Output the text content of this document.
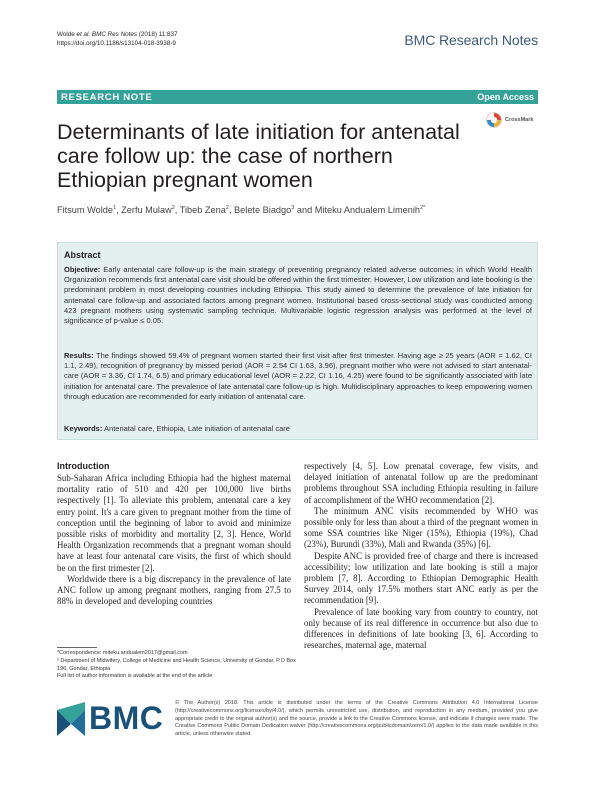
Wolde et al. BMC Res Notes (2018) 11:837
https://doi.org/10.1186/s13104-018-3938-9	BMC Research Notes
RESEARCH NOTE	Open Access
Determinants of late initiation for antenatal care follow up: the case of northern Ethiopian pregnant women
CrossMark
Fitsum Wolde$^1$, Zerfu Mulaw$^2$, Tibeb Zena$^2$, Belete Biadgo$^3$ and Miteku Andualem Limenih$^{2*}$
Abstract
Objective: Early antenatal care follow-up is the main strategy of preventing pregnancy related adverse outcomes; in which World Health Organization recommends first antenatal care visit should be offered within the first trimester. However, Low utilization and late booking is the predominant problem in most developing countries including Ethiopia. This study aimed to determine the prevalence of late initiation for antenatal care follow-up and associated factors among pregnant women. Institutional based cross-sectional study was conducted among 423 pregnant mothers using systematic sampling technique. Multivariable logistic regression analysis was performed at the level of significance of p-value ≤ 0.05.
Results: The findings showed 59.4% of pregnant women started their first visit after first trimester. Having age ≥ 25 years (AOR = 1.62, CI 1.1, 2.49), recognition of pregnancy by missed period (AOR = 2.54 CI 1.63, 3.96), pregnant mother who were not advised to start antenatal-care (AOR = 3.36, CI 1.74, 6.5) and primary educational level (AOR = 2.22, CI 1.16, 4.25) were found to be significantly associated with late initiation for antenatal care. The prevalence of late antenatal care follow-up is high. Multidisciplinary approaches to keep empowering women through education are recommended for early initiation of antenatal care.
Keywords: Antenatal care, Ethiopia, Late initiation of antenatal care
Introduction

Sub-Saharan Africa including Ethiopia had the highest maternal mortality ratio of 510 and 420 per 100,000 live births respectively [1]. To alleviate this problem, antenatal care a key entry point. It's a care given to pregnant mother from the time of conception until the beginning of labor to avoid and minimize possible risks of morbidity and mortality [2, 3]. Hence, World Health Organization recommends that a pregnant woman should have at least four antenatal care visits, the first of which should be on the first trimester [2].

Worldwide there is a big discrepancy in the prevalence of late ANC follow up among pregnant mothers, ranging from 27.5 to 88% in developed and developing countries

respectively [4, 5]. Low prenatal coverage, few visits, and delayed initiation of antenatal follow up are the predominant problems throughout SSA including Ethiopia resulting in failure of accomplishment of the WHO recommendation [2].

The minimum ANC visits recommended by WHO was possible only for less than about a third of the pregnant women in some SSA countries like Niger (15%), Ethiopia (19%), Chad (23%), Burundi (33%), Mali and Rwanda (35%) [6].

Despite ANC is provided free of charge and there is increased accessibility; low utilization and late booking is still a major problem [7, 8]. According to Ethiopian Demographic Health Survey 2014, only 17.5% mothers start ANC early as per the recommendation [9].

Prevalence of late booking vary from country to country, not only because of its real difference in occurrence but also due to differences in definitions of late booking [3, 6]. According to researches, maternal age, maternal

*Correspondence: miteku.andualem2017@gmail.com
² Department of Midwifery, College of Medicine and Health Science, University of Gondar, P.O Box 196, Gondar, Ethiopia
Full list of author information is available at the end of the article
BMC © The Author(s) 2018. This article is distributed under the terms of the Creative Commons Attribution 4.0 International License (http://creativecommons.org/licenses/by/4.0/), which permits unrestricted use, distribution, and reproduction in any medium, provided you give appropriate credit to the original author(s) and the source, provide a link to the Creative Commons license, and indicate if changes were made. The Creative Commons Public Domain Dedication waiver (http://creativecommons.org/publicdomain/zero/1.0/) applies to the data made available in this article, unless otherwise stated.
